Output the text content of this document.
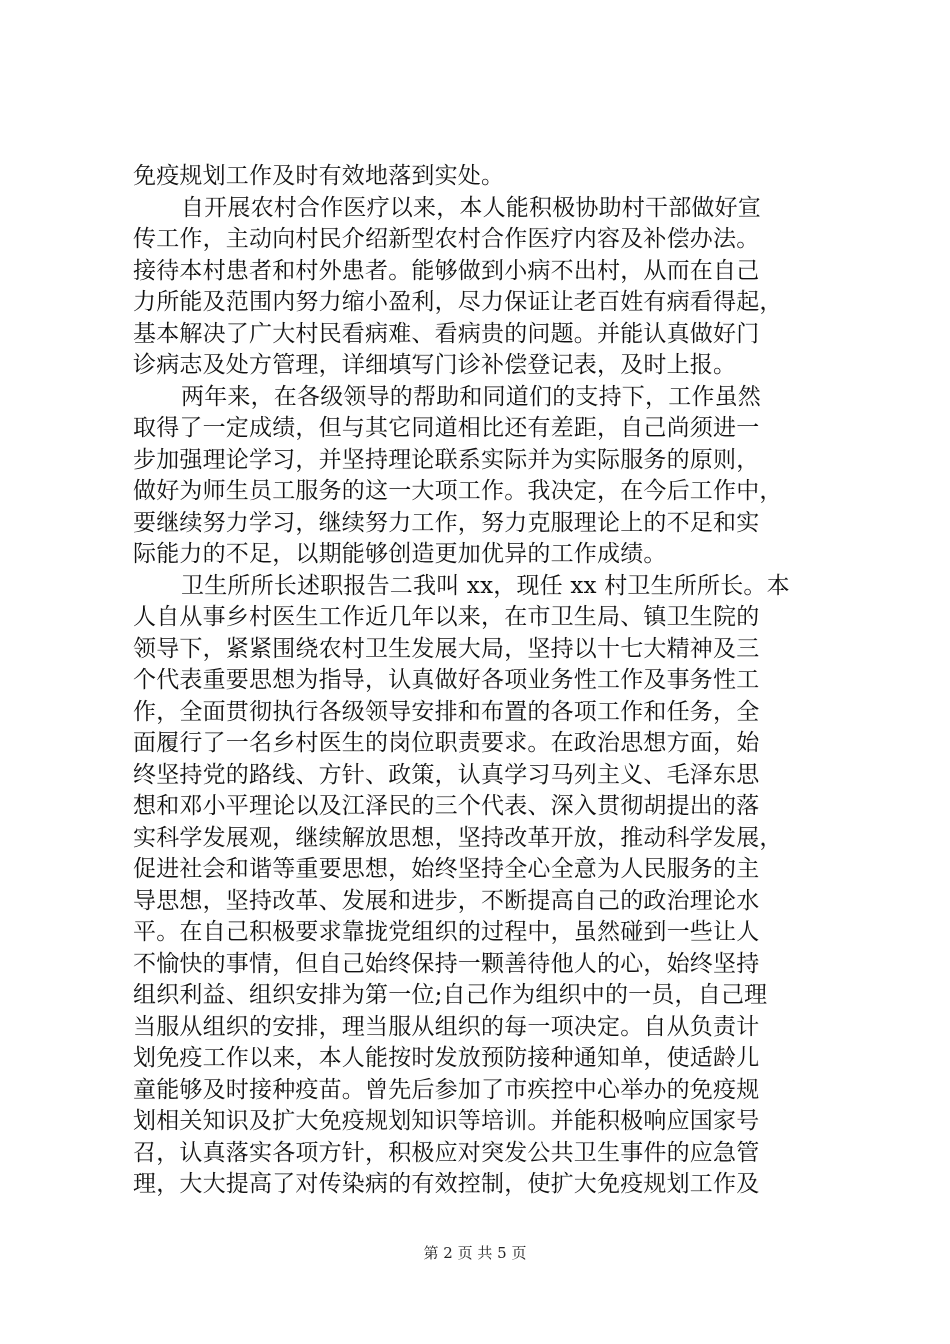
免疫规划工作及时有效地落到实处。
自开展农村合作医疗以来，本人能积极协助村干部做好宣
传工作，主动向村民介绍新型农村合作医疗内容及补偿办法。
接待本村患者和村外患者。能够做到小病不出村，从而在自己
力所能及范围内努力缩小盈利，尽力保证让老百姓有病看得起，
基本解决了广大村民看病难、看病贵的问题。并能认真做好门
诊病志及处方管理，详细填写门诊补偿登记表，及时上报。
两年来，在各级领导的帮助和同道们的支持下，工作虽然
取得了一定成绩，但与其它同道相比还有差距，自己尚须进一
步加强理论学习，并坚持理论联系实际并为实际服务的原则，
做好为师生员工服务的这一大项工作。我决定，在今后工作中，
要继续努力学习，继续努力工作，努力克服理论上的不足和实
际能力的不足，以期能够创造更加优异的工作成绩。
卫生所所长述职报告二我叫 xx，现任 xx 村卫生所所长。本
人自从事乡村医生工作近几年以来，在市卫生局、镇卫生院的
领导下，紧紧围绕农村卫生发展大局，坚持以十七大精神及三
个代表重要思想为指导，认真做好各项业务性工作及事务性工
作，全面贯彻执行各级领导安排和布置的各项工作和任务，全
面履行了一名乡村医生的岗位职责要求。在政治思想方面，始
终坚持党的路线、方针、政策，认真学习马列主义、毛泽东思
想和邓小平理论以及江泽民的三个代表、深入贯彻胡提出的落
实科学发展观，继续解放思想，坚持改革开放，推动科学发展，
促进社会和谐等重要思想，始终坚持全心全意为人民服务的主
导思想，坚持改革、发展和进步，不断提高自己的政治理论水
平。在自己积极要求靠拢党组织的过程中，虽然碰到一些让人
不愉快的事情，但自己始终保持一颗善待他人的心，始终坚持
组织利益、组织安排为第一位;自己作为组织中的一员，自己理
当服从组织的安排，理当服从组织的每一项决定。自从负责计
划免疫工作以来，本人能按时发放预防接种通知单，使适龄儿
童能够及时接种疫苗。曾先后参加了市疾控中心举办的免疫规
划相关知识及扩大免疫规划知识等培训。并能积极响应国家号
召，认真落实各项方针，积极应对突发公共卫生事件的应急管
理，大大提高了对传染病的有效控制，使扩大免疫规划工作及
第 2 页 共 5 页
